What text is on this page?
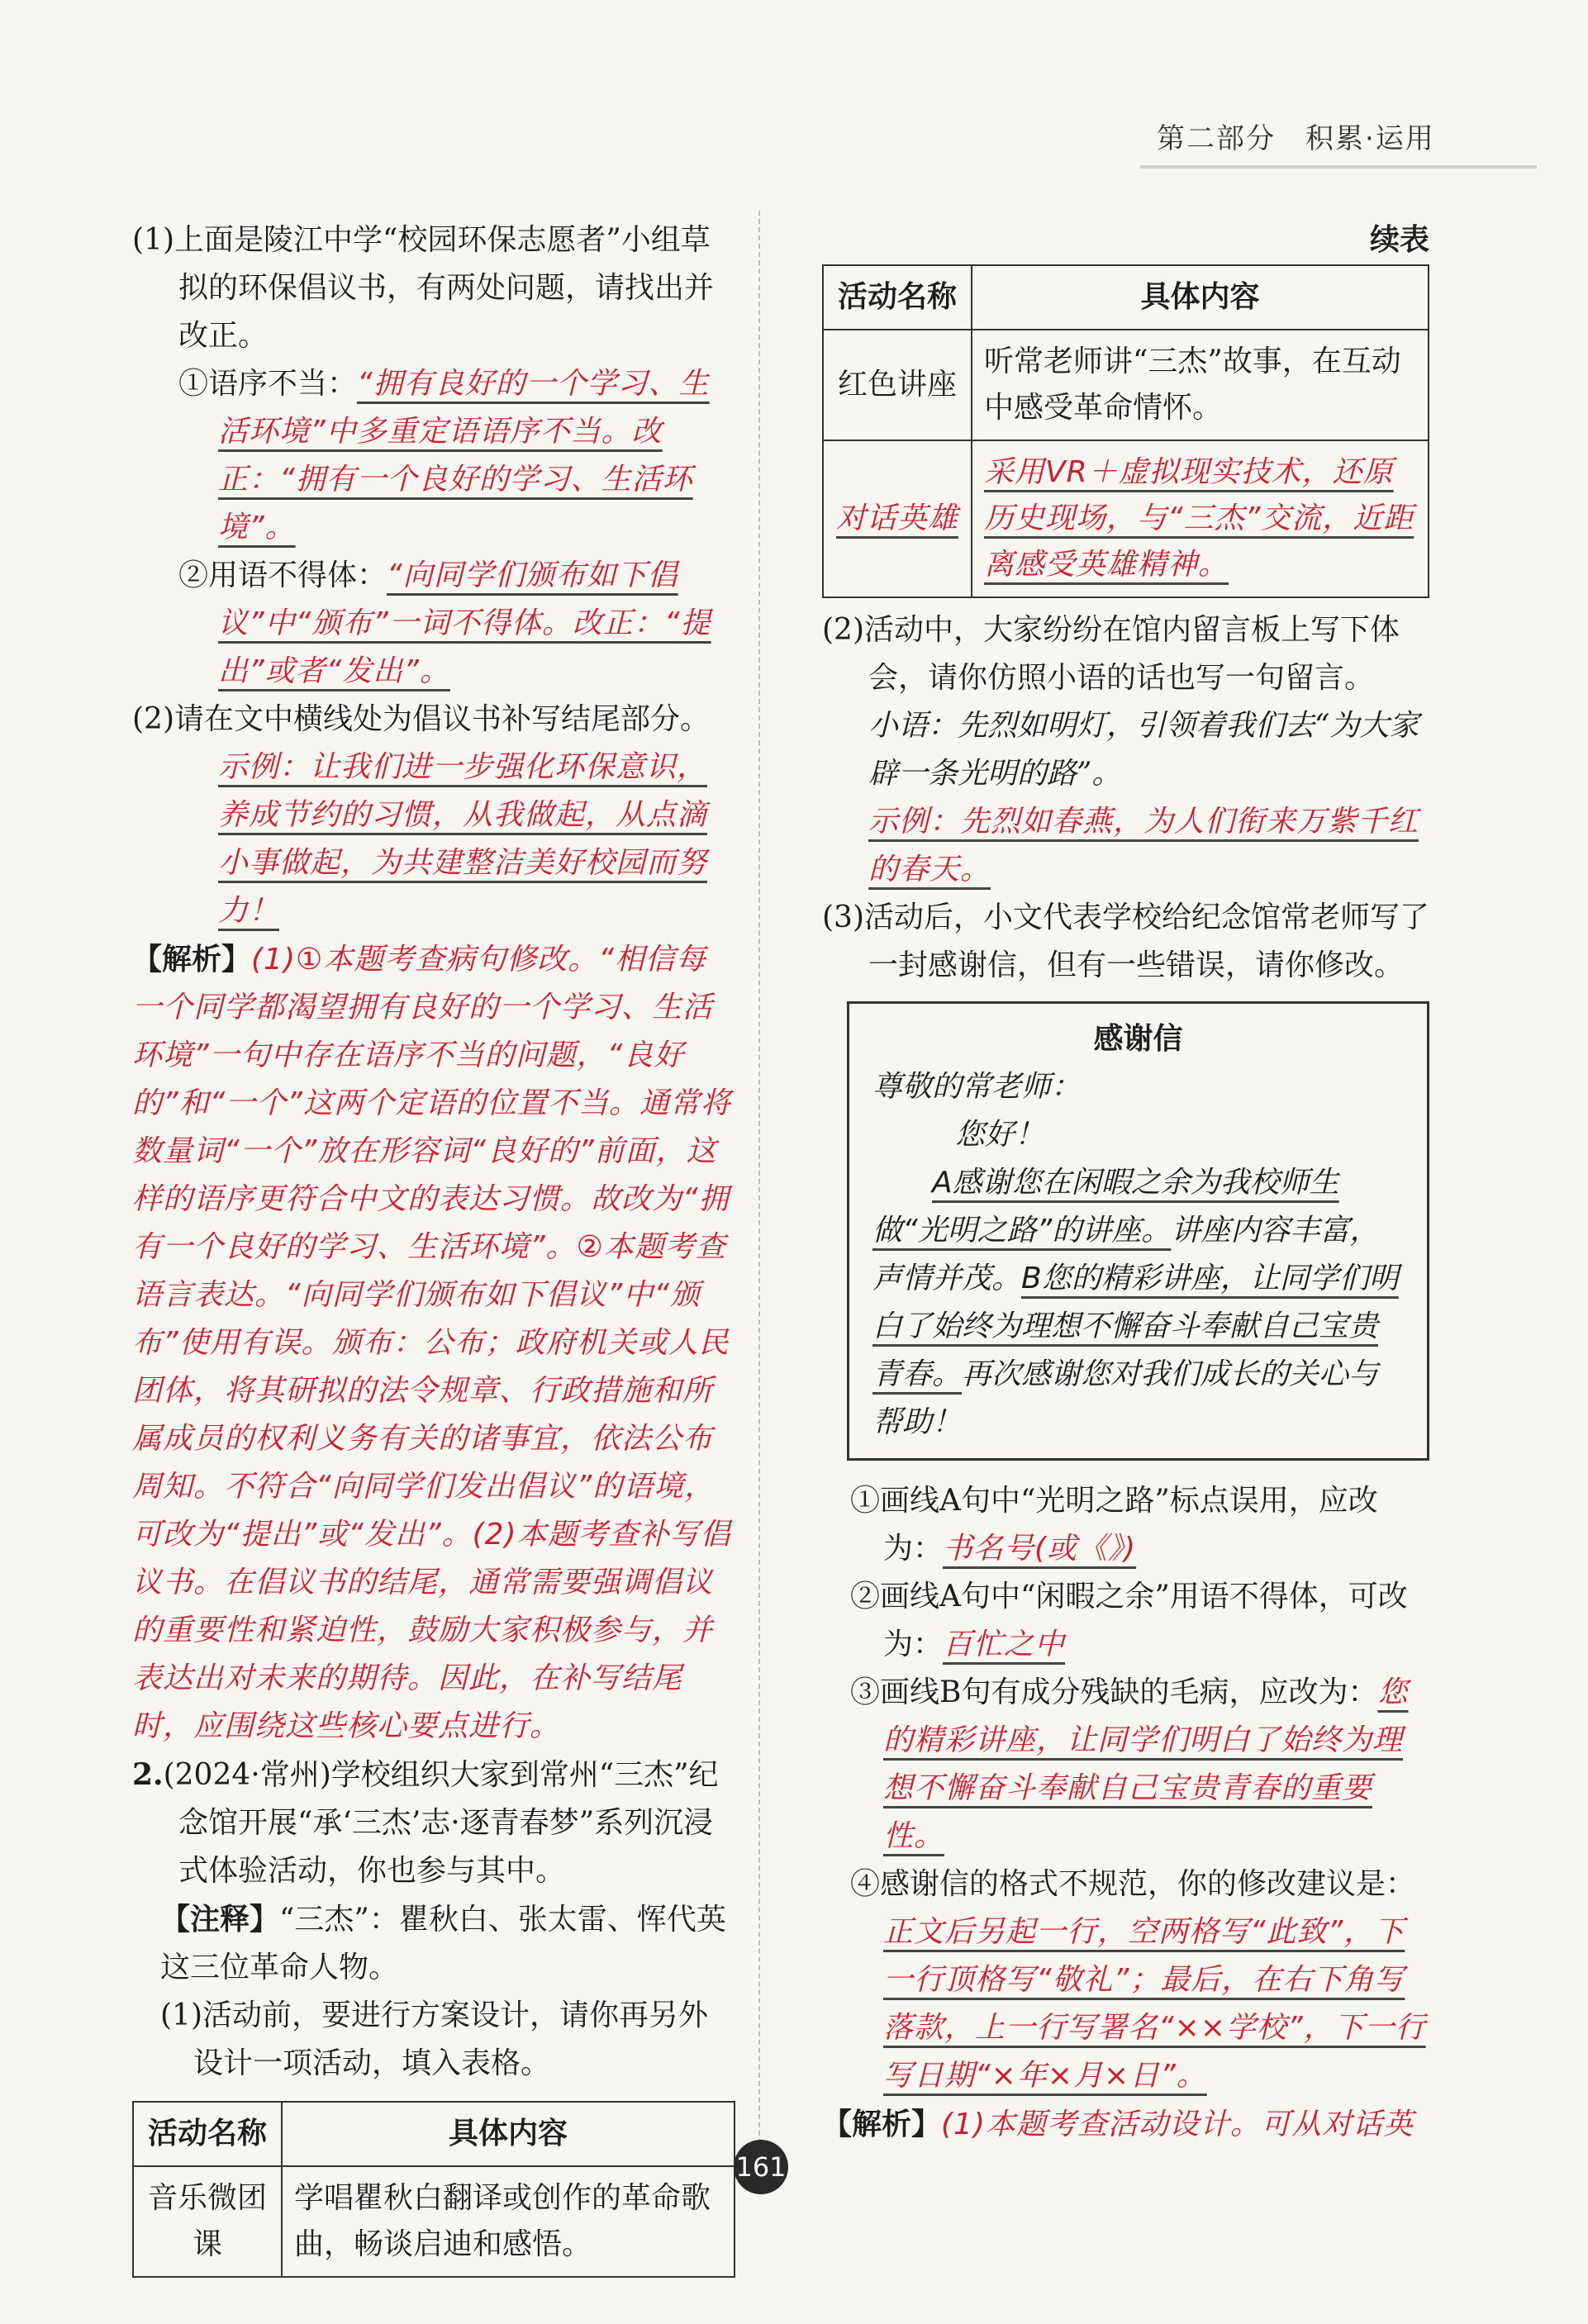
第二部分　积累·运用

(1)上面是陵江中学“校园环保志愿者”小组草拟的环保倡议书，有两处问题，请找出并改正。

①语序不当：“拥有良好的一个学习、生活环境”中多重定语语序不当。改正：“拥有一个良好的学习、生活环境”。

②用语不得体：“向同学们颁布如下倡议”中“颁布”一词不得体。改正：“提出”或者“发出”。

(2)请在文中横线处为倡议书补写结尾部分。

示例：让我们进一步强化环保意识，养成节约的习惯，从我做起，从点滴小事做起，为共建整洁美好校园而努力！

【解析】(1)①本题考查病句修改。“相信每一个同学都渴望拥有良好的一个学习、生活环境”一句中存在语序不当的问题，“良好的”和“一个”这两个定语的位置不当。通常将数量词“一个”放在形容词“良好的”前面，这样的语序更符合中文的表达习惯。故改为“拥有一个良好的学习、生活环境”。②本题考查语言表达。“向同学们颁布如下倡议”中“颁布”使用有误。颁布：公布；政府机关或人民团体，将其研拟的法令规章、行政措施和所属成员的权利义务有关的诸事宜，依法公布周知。不符合“向同学们发出倡议”的语境，可改为“提出”或“发出”。(2)本题考查补写倡议书。在倡议书的结尾，通常需要强调倡议的重要性和紧迫性，鼓励大家积极参与，并表达出对未来的期待。因此，在补写结尾时，应围绕这些核心要点进行。

2.(2024·常州)学校组织大家到常州“三杰”纪念馆开展“承‘三杰’志·逐青春梦”系列沉浸式体验活动，你也参与其中。

【注释】“三杰”：瞿秋白、张太雷、恽代英这三位革命人物。

(1)活动前，要进行方案设计，请你再另外设计一项活动，填入表格。

活动名称	具体内容
音乐微团课	学唱瞿秋白翻译或创作的革命歌曲，畅谈启迪和感悟。

续表

活动名称	具体内容
红色讲座	听常老师讲“三杰”故事，在互动中感受革命情怀。
对话英雄	采用VR＋虚拟现实技术，还原历史现场，与“三杰”交流，近距离感受英雄精神。

(2)活动中，大家纷纷在馆内留言板上写下体会，请你仿照小语的话也写一句留言。

小语：先烈如明灯，引领着我们去“为大家辟一条光明的路”。

示例：先烈如春燕，为人们衔来万紫千红的春天。

(3)活动后，小文代表学校给纪念馆常老师写了一封感谢信，但有一些错误，请你修改。

感谢信

尊敬的常老师：

您好！

A感谢您在闲暇之余为我校师生做“光明之路”的讲座。讲座内容丰富，声情并茂。B您的精彩讲座，让同学们明白了始终为理想不懈奋斗奉献自己宝贵青春。再次感谢您对我们成长的关心与帮助！

①画线A句中“光明之路”标点误用，应改为：书名号(或《》)

②画线A句中“闲暇之余”用语不得体，可改为：百忙之中

③画线B句有成分残缺的毛病，应改为：您的精彩讲座，让同学们明白了始终为理想不懈奋斗奉献自己宝贵青春的重要性。

④感谢信的格式不规范，你的修改建议是：正文后另起一行，空两格写“此致”，下一行顶格写“敬礼”；最后，在右下角写落款，上一行写署名“××学校”，下一行写日期“×年×月×日”。

【解析】(1)本题考查活动设计。可从对话英

161
